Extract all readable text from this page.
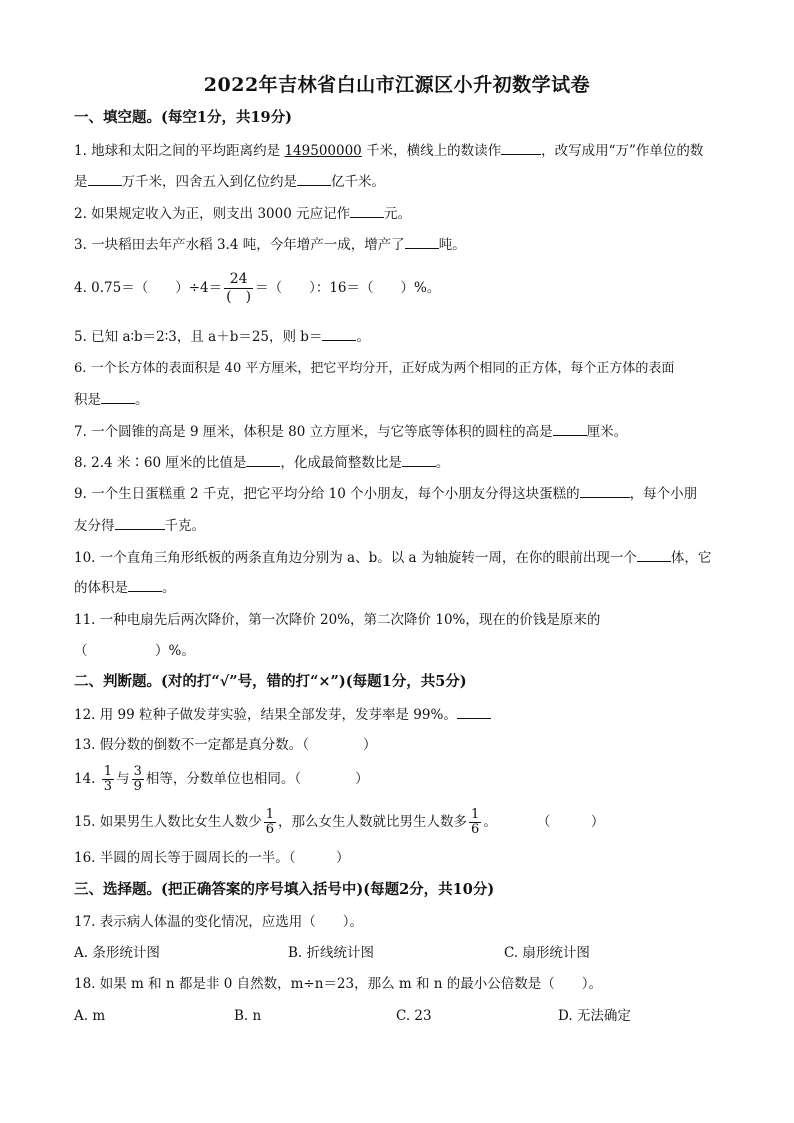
2022年吉林省白山市江源区小升初数学试卷
一、填空题。(每空1分，共19分)
1. 地球和太阳之间的平均距离约是 149500000 千米，横线上的数读作	，改写成用“万”作单位的数
是	万千米，四舍五入到亿位约是	亿千米。
2. 如果规定收入为正，则支出 3000 元应记作	元。
3. 一块稻田去年产水稻 3.4 吨，今年增产一成，增产了	吨。
4. 0.75＝（　　）$\div 4= \frac{24}{( )}$ ＝（　　）：16＝（　　）%。
5. 已知 a∶b＝2∶3，且 a＋b＝25，则 b＝	。
6. 一个长方体的表面积是 40 平方厘米，把它平均分开，正好成为两个相同的正方体，每个正方体的表面
积是	。
7. 一个圆锥的高是 9 厘米，体积是 80 立方厘米，与它等底等体积的圆柱的高是	厘米。
8. 2.4 米∶60 厘米的比值是	，化成最简整数比是	。
9. 一个生日蛋糕重 2 千克，把它平均分给 10 个小朋友，每个小朋友分得这块蛋糕的	，每个小朋
友分得	千克。
10. 一个直角三角形纸板的两条直角边分别为 a、b。以 a 为轴旋转一周，在你的眼前出现一个	体，它
的体积是	。
11. 一种电扇先后两次降价，第一次降价 20%，第二次降价 10%，现在的价钱是原来的
（　　　　　）%。
二、判断题。(对的打“√”号，错的打“×”)(每题1分，共5分)
12. 用 99 粒种子做发芽实验，结果全部发芽，发芽率是 99%。
13. 假分数的倒数不一定都是真分数。（　　　　）
14. $\frac{1}{3}$ 与 $\frac{3}{9}$ 相等，分数单位也相同。（　　　　）
15. 如果男生人数比女生人数少 $\frac{1}{6}$ ，那么女生人数就比男生人数多 $\frac{1}{6}$ 。	（　　　）
16. 半圆的周长等于圆周长的一半。（　　　）
三、选择题。(把正确答案的序号填入括号中)(每题2分，共10分)
17. 表示病人体温的变化情况，应选用（　　）。
A. 条形统计图	B. 折线统计图	C. 扇形统计图
18. 如果 m 和 n 都是非 0 自然数，m÷n＝23，那么 m 和 n 的最小公倍数是（　　）。
A. m	B. n	C. 23	D. 无法确定
